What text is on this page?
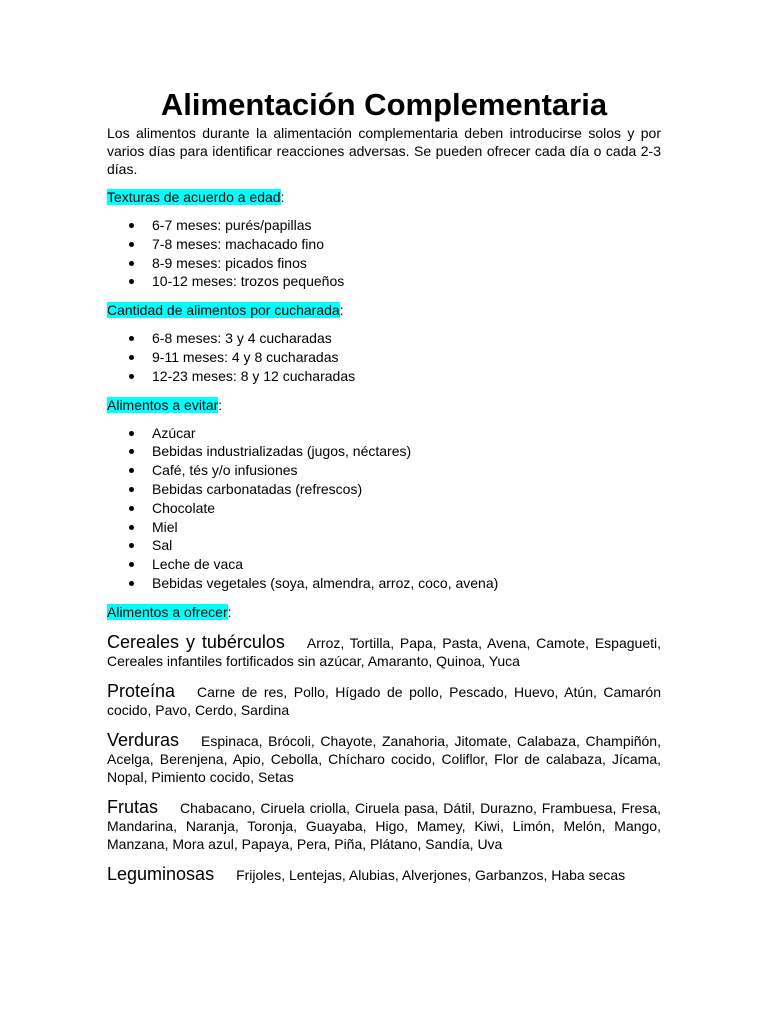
Alimentación Complementaria

Los alimentos durante la alimentación complementaria deben introducirse solos y por varios días para identificar reacciones adversas. Se pueden ofrecer cada día o cada 2-3 días.

Texturas de acuerdo a edad:

6-7 meses: purés/papillas
7-8 meses: machacado fino
8-9 meses: picados finos
10-12 meses: trozos pequeños

Cantidad de alimentos por cucharada:

6-8 meses: 3 y 4 cucharadas
9-11 meses: 4 y 8 cucharadas
12-23 meses: 8 y 12 cucharadas

Alimentos a evitar:

Azúcar
Bebidas industrializadas (jugos, néctares)
Café, tés y/o infusiones
Bebidas carbonatadas (refrescos)
Chocolate
Miel
Sal
Leche de vaca
Bebidas vegetales (soya, almendra, arroz, coco, avena)

Alimentos a ofrecer:

Cereales y tubérculos Arroz, Tortilla, Papa, Pasta, Avena, Camote, Espagueti, Cereales infantiles fortificados sin azúcar, Amaranto, Quinoa, Yuca

Proteína Carne de res, Pollo, Hígado de pollo, Pescado, Huevo, Atún, Camarón cocido, Pavo, Cerdo, Sardina

Verduras Espinaca, Brócoli, Chayote, Zanahoria, Jitomate, Calabaza, Champiñón, Acelga, Berenjena, Apio, Cebolla, Chícharo cocido, Coliflor, Flor de calabaza, Jícama, Nopal, Pimiento cocido, Setas

Frutas Chabacano, Ciruela criolla, Ciruela pasa, Dátil, Durazno, Frambuesa, Fresa, Mandarina, Naranja, Toronja, Guayaba, Higo, Mamey, Kiwi, Limón, Melón, Mango, Manzana, Mora azul, Papaya, Pera, Piña, Plátano, Sandía, Uva

Leguminosas Frijoles, Lentejas, Alubias, Alverjones, Garbanzos, Haba secas
